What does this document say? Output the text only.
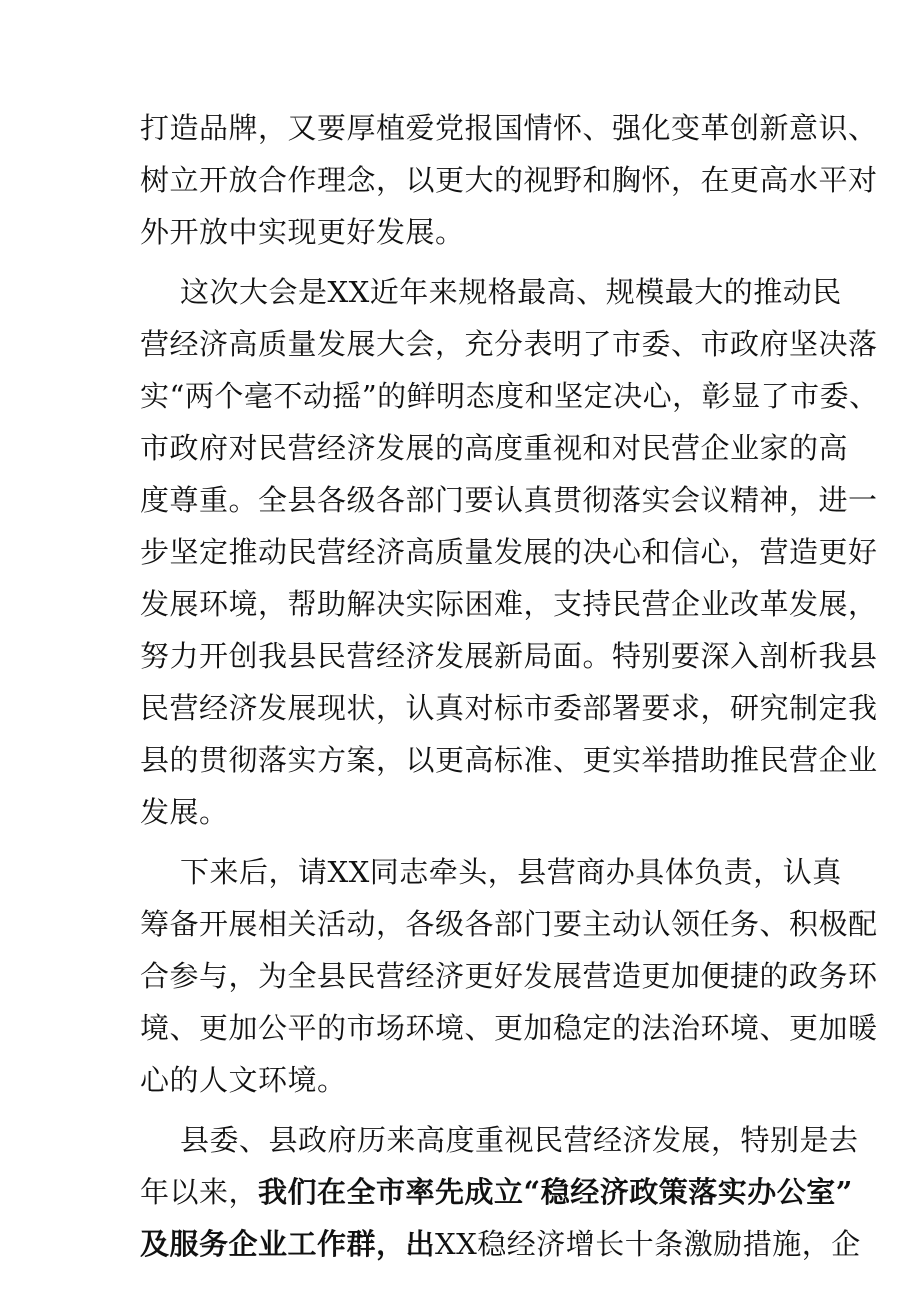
打造品牌，又要厚植爱党报国情怀、强化变革创新意识、
树立开放合作理念，以更大的视野和胸怀，在更高水平对
外开放中实现更好发展。
这次大会是XX近年来规格最高、规模最大的推动民
营经济高质量发展大会，充分表明了市委、市政府坚决落
实“两个毫不动摇”的鲜明态度和坚定决心，彰显了市委、
市政府对民营经济发展的高度重视和对民营企业家的高
度尊重。全县各级各部门要认真贯彻落实会议精神，进一
步坚定推动民营经济高质量发展的决心和信心，营造更好
发展环境，帮助解决实际困难，支持民营企业改革发展，
努力开创我县民营经济发展新局面。特别要深入剖析我县
民营经济发展现状，认真对标市委部署要求，研究制定我
县的贯彻落实方案，以更高标准、更实举措助推民营企业
发展。
下来后，请XX同志牵头，县营商办具体负责，认真
筹备开展相关活动，各级各部门要主动认领任务、积极配
合参与，为全县民营经济更好发展营造更加便捷的政务环
境、更加公平的市场环境、更加稳定的法治环境、更加暖
心的人文环境。
县委、县政府历来高度重视民营经济发展，特别是去
年以来，我们在全市率先成立“稳经济政策落实办公室”
及服务企业工作群，出XX稳经济增长十条激励措施，企
